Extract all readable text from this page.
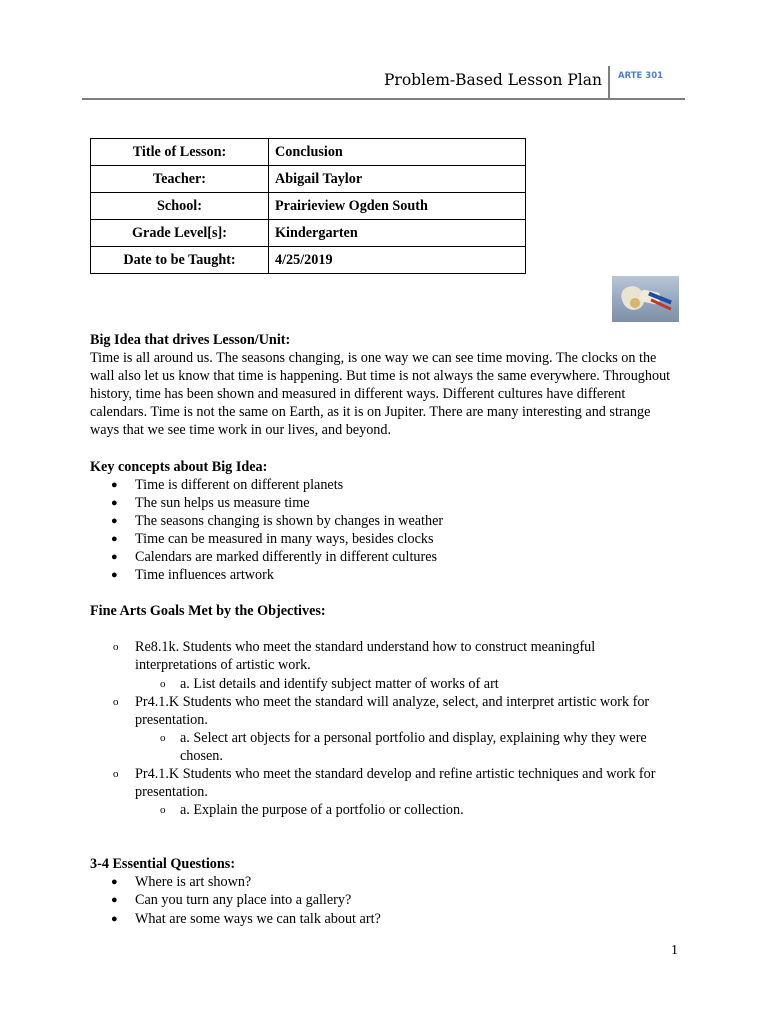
Problem-Based Lesson Plan ARTE 301
Title of Lesson:	Conclusion
Teacher:	Abigail Taylor
School:	Prairieview Ogden South
Grade Level[s]:	Kindergarten
Date to be Taught:	4/25/2019

Big Idea that drives Lesson/Unit:

Time is all around us. The seasons changing, is one way we can see time moving. The clocks on the wall also let us know that time is happening. But time is not always the same everywhere. Throughout history, time has been shown and measured in different ways. Different cultures have different calendars. Time is not the same on Earth, as it is on Jupiter. There are many interesting and strange ways that we see time work in our lives, and beyond.

Key concepts about Big Idea:

● Time is different on different planets
● The sun helps us measure time
● The seasons changing is shown by changes in weather
● Time can be measured in many ways, besides clocks
● Calendars are marked differently in different cultures
● Time influences artwork

Fine Arts Goals Met by the Objectives:

o Re8.1k. Students who meet the standard understand how to construct meaningful interpretations of artistic work.
o a. List details and identify subject matter of works of art
o Pr4.1.K Students who meet the standard will analyze, select, and interpret artistic work for presentation.
o a. Select art objects for a personal portfolio and display, explaining why they were chosen.
o Pr4.1.K Students who meet the standard develop and refine artistic techniques and work for presentation.
o a. Explain the purpose of a portfolio or collection.

3-4 Essential Questions:

● Where is art shown?
● Can you turn any place into a gallery?
● What are some ways we can talk about art?
1
